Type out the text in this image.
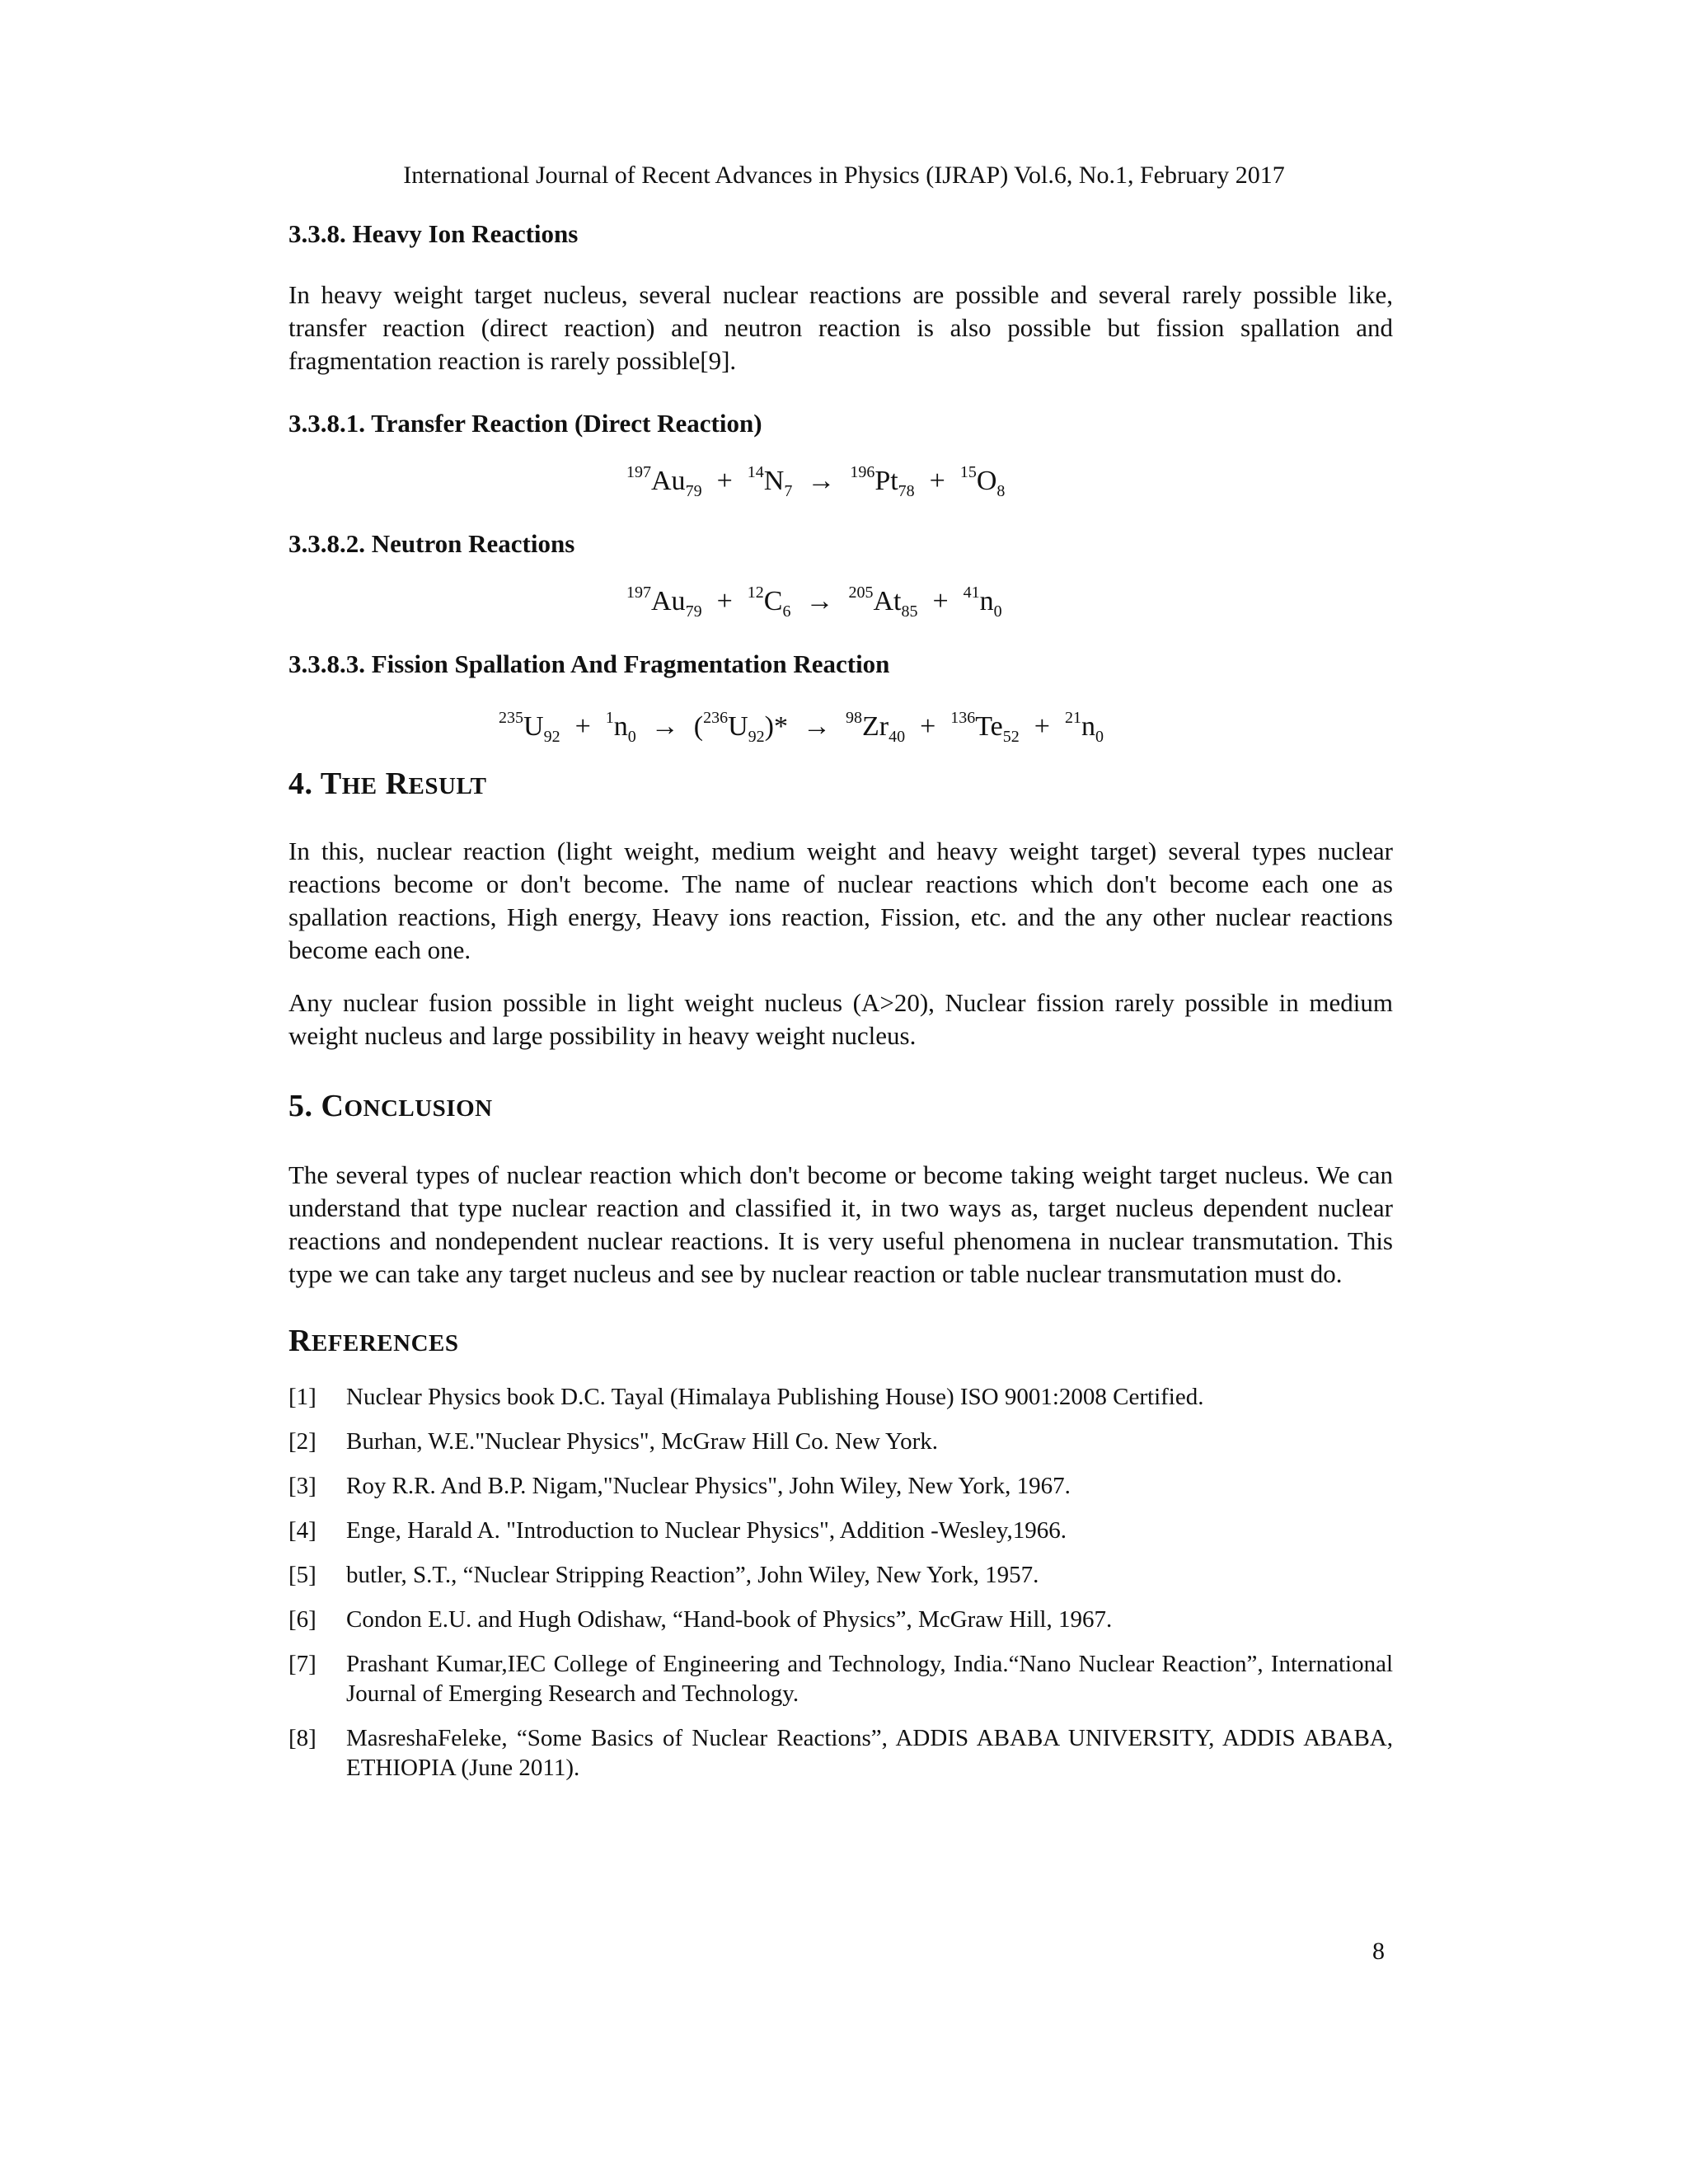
International Journal of Recent Advances in Physics (IJRAP) Vol.6, No.1, February 2017
3.3.8. Heavy Ion Reactions
In heavy weight target nucleus, several nuclear reactions are possible and several rarely possible like, transfer reaction (direct reaction) and neutron reaction is also possible but fission spallation and fragmentation reaction is rarely possible[9].
3.3.8.1. Transfer Reaction (Direct Reaction)
$^{197}Au_{79} + ^{14}N_7 \to ^{196}Pt_{78} + ^{15}O_8$
3.3.8.2. Neutron Reactions
$^{197}Au_{79} + ^{12}C_6 \to ^{205}At_{85} + ^{41}n_0$
3.3.8.3. Fission Spallation And Fragmentation Reaction
$^{235}U_{92} + ^1n_0 \to (^{236}U_{92})* \to ^{98}Zr_{40} + ^{136}Te_{52} + ^{21}n_0$
4. THE RESULT
In this, nuclear reaction (light weight, medium weight and heavy weight target) several types nuclear reactions become or don't become. The name of nuclear reactions which don't become each one as spallation reactions, High energy, Heavy ions reaction, Fission, etc. and the any other nuclear reactions become each one.
Any nuclear fusion possible in light weight nucleus (A>20), Nuclear fission rarely possible in medium weight nucleus and large possibility in heavy weight nucleus.
5. CONCLUSION
The several types of nuclear reaction which don't become or become taking weight target nucleus. We can understand that type nuclear reaction and classified it, in two ways as, target nucleus dependent nuclear reactions and nondependent nuclear reactions. It is very useful phenomena in nuclear transmutation. This type we can take any target nucleus and see by nuclear reaction or table nuclear transmutation must do.
REFERENCES
[1]	Nuclear Physics book D.C. Tayal (Himalaya Publishing House) ISO 9001:2008 Certified.
[2]	Burhan, W.E."Nuclear Physics", McGraw Hill Co. New York.
[3]	Roy R.R. And B.P. Nigam,"Nuclear Physics", John Wiley, New York, 1967.
[4]	Enge, Harald A. "Introduction to Nuclear Physics", Addition -Wesley,1966.
[5]	butler, S.T., “Nuclear Stripping Reaction”, John Wiley, New York, 1957.
[6]	Condon E.U. and Hugh Odishaw, “Hand-book of Physics”, McGraw Hill, 1967.
[7]	Prashant Kumar,IEC College of Engineering and Technology, India.“Nano Nuclear Reaction”, International Journal of Emerging Research and Technology.
[8]	MasreshaFeleke, “Some Basics of Nuclear Reactions”, ADDIS ABABA UNIVERSITY, ADDIS ABABA, ETHIOPIA (June 2011).
8
